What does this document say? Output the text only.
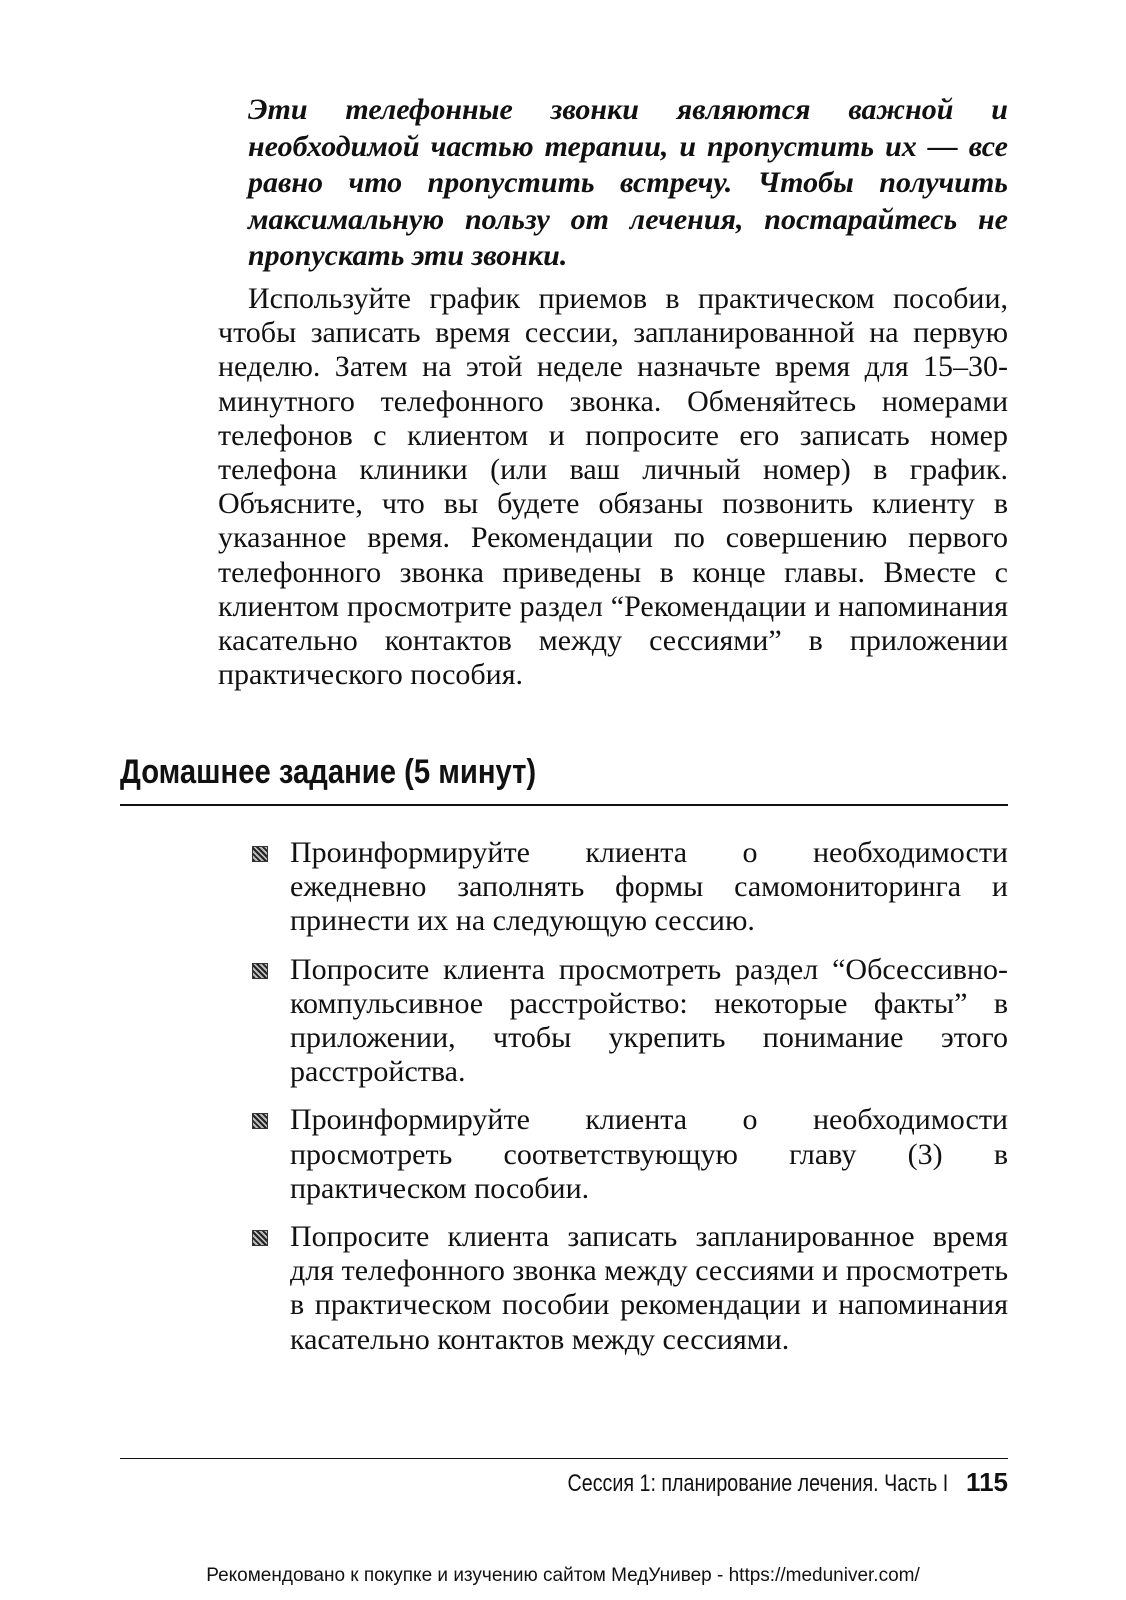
Эти телефонные звонки являются важной и необходимой частью терапии, и пропустить их — все равно что пропустить встречу. Чтобы получить максимальную пользу от лечения, постарайтесь не пропускать эти звонки.

Используйте график приемов в практическом пособии, чтобы записать время сессии, запланированной на первую неделю. Затем на этой неделе назначьте время для 15–30-минутного телефонного звонка. Обменяйтесь номерами телефонов с клиентом и попросите его записать номер телефона клиники (или ваш личный номер) в график. Объясните, что вы будете обязаны позвонить клиенту в указанное время. Рекомендации по совершению первого телефонного звонка приведены в конце главы. Вместе с клиентом просмотрите раздел “Рекомендации и напоминания касательно контактов между сессиями” в приложении практического пособия.

Домашнее задание (5 минут)
Проинформируйте клиента о необходимости ежедневно заполнять формы самомониторинга и принести их на следующую сессию.
Попросите клиента просмотреть раздел “Обсессивно-компульсивное расстройство: некоторые факты” в приложении, чтобы укрепить понимание этого расстройства.
Проинформируйте клиента о необходимости просмотреть соответствующую главу (3) в практическом пособии.
Попросите клиента записать запланированное время для телефонного звонка между сессиями и просмотреть в практическом пособии рекомендации и напоминания касательно контактов между сессиями.
Сессия 1: планирование лечения. Часть I 115
Рекомендовано к покупке и изучению сайтом МедУнивер - https://meduniver.com/
